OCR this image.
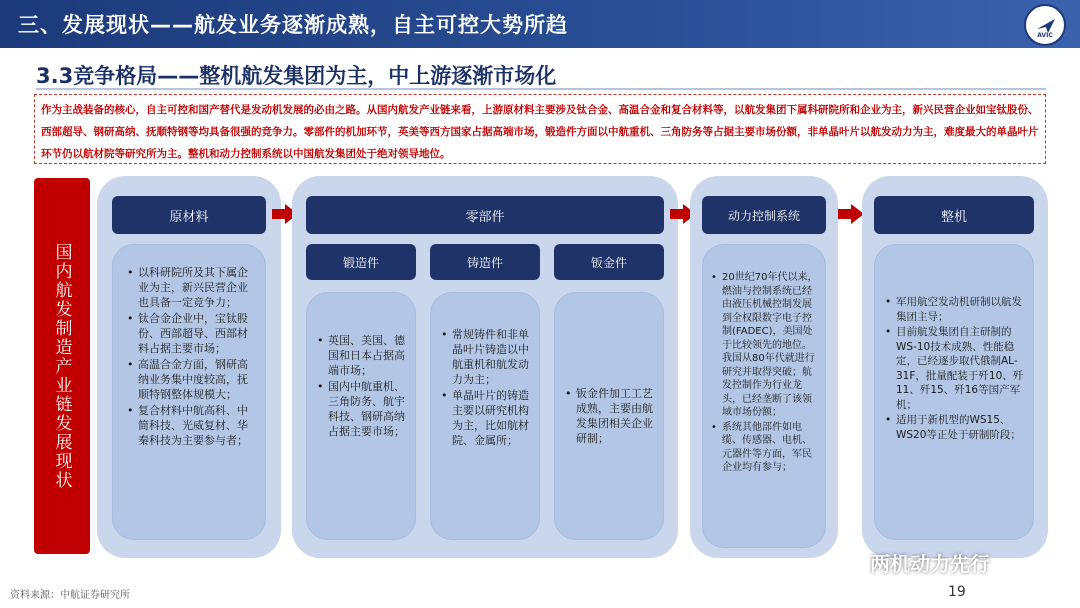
三、发展现状——航发业务逐渐成熟，自主可控大势所趋	AVIC
3.3竞争格局——整机航发集团为主，中上游逐渐市场化
作为主战装备的核心，自主可控和国产替代是发动机发展的必由之路。从国内航发产业链来看，上游原材料主要涉及钛合金、高温合金和复合材料等，以航发集团下属科研院所和企业为主，新兴民营企业如宝钛股份、西部超导、钢研高纳、抚顺特钢等均具备很强的竞争力。零部件的机加环节，英美等西方国家占据高端市场，锻造件方面以中航重机、三角防务等占据主要市场份额，非单晶叶片以航发动力为主，难度最大的单晶叶片环节仍以航材院等研究所为主。整机和动力控制系统以中国航发集团处于绝对领导地位。
国内航发制造产业链发展现状
原材料
• 以科研院所及其下属企业为主，新兴民营企业也具备一定竞争力；
• 钛合金企业中，宝钛股份、西部超导、西部材料占据主要市场；
• 高温合金方面，钢研高纳业务集中度较高，抚顺特钢整体规模大；
• 复合材料中航高科、中简科技、光威复材、华秦科技为主要参与者；
零部件
锻造件	铸造件	钣金件
• 英国、美国、德国和日本占据高端市场；
• 国内中航重机、三角防务、航宇科技、钢研高纳占据主要市场；
• 常规铸件和非单晶叶片铸造以中航重机和航发动力为主；
• 单晶叶片的铸造主要以研究机构为主，比如航材院、金属所；
• 钣金件加工工艺成熟，主要由航发集团相关企业研制；
动力控制系统
• 20世纪70年代以来，燃油与控制系统已经由液压机械控制发展到全权限数字电子控制(FADEC)，美国处于比较领先的地位。我国从80年代就进行研究并取得突破；航发控制作为行业龙头，已经垄断了该领域市场份额；
• 系统其他部件如电缆、传感器、电机、元器件等方面，军民企业均有参与；
整机
• 军用航空发动机研制以航发集团主导；
• 目前航发集团自主研制的WS-10技术成熟、性能稳定，已经逐步取代俄制AL-31F，批量配装于歼10、歼11、歼15、歼16等国产军机；
• 适用于新机型的WS15、WS20等正处于研制阶段；
资料来源：中航证券研究所	19
两机动力先行
